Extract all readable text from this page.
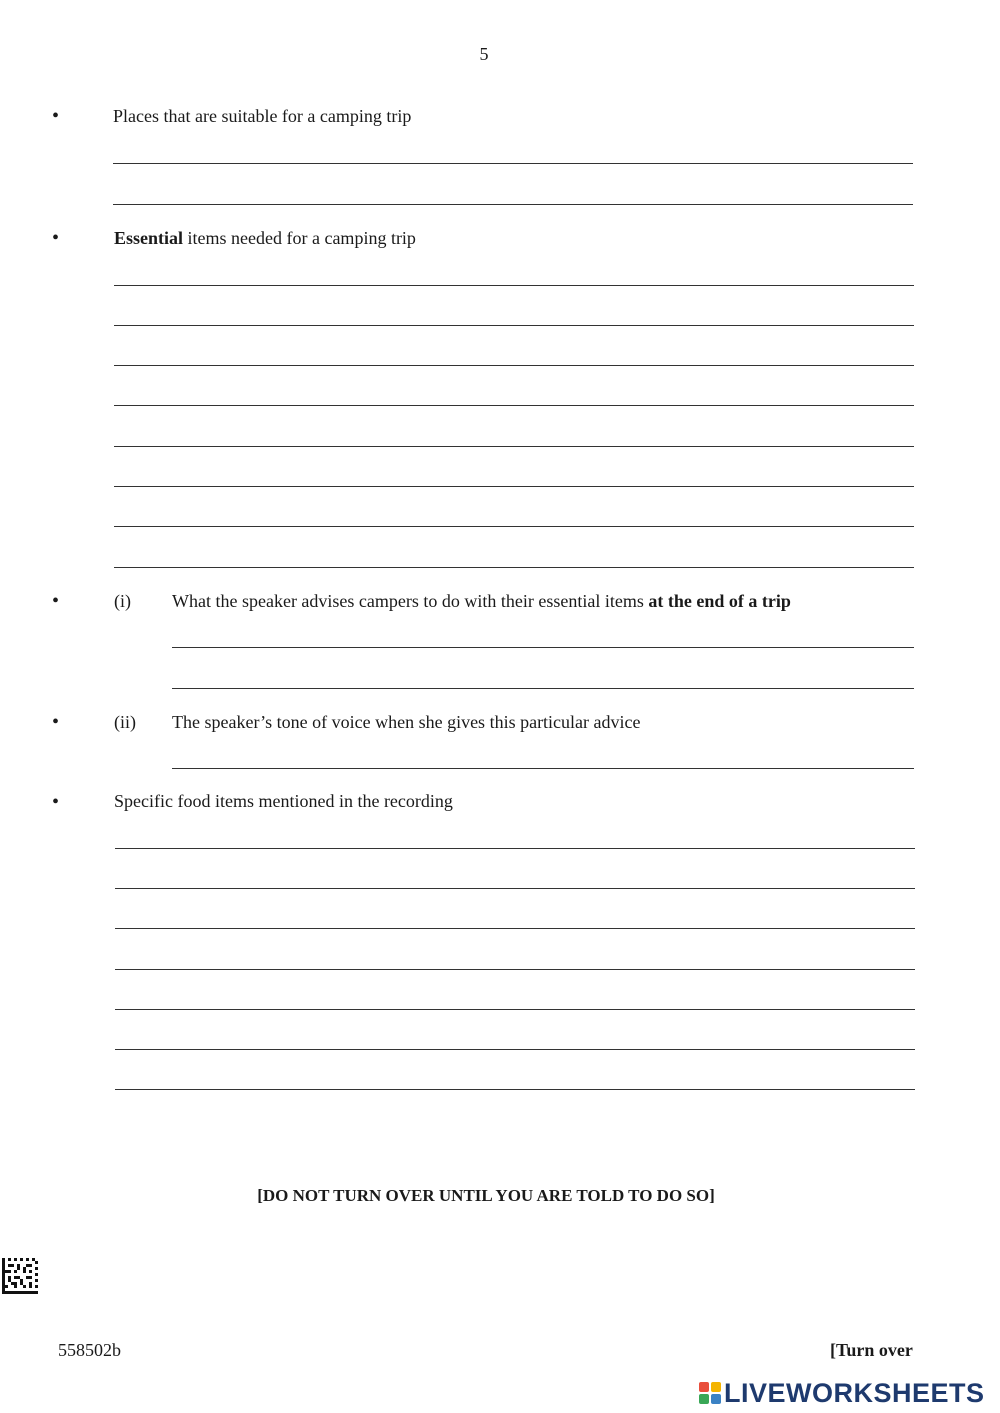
5
•	Places that are suitable for a camping trip
•	Essential items needed for a camping trip
•	(i) What the speaker advises campers to do with their essential items at the end of a trip
•	(ii) The speaker’s tone of voice when she gives this particular advice
•	Specific food items mentioned in the recording
[DO NOT TURN OVER UNTIL YOU ARE TOLD TO DO SO]
558502b	[Turn over
LIVEWORKSHEETS
